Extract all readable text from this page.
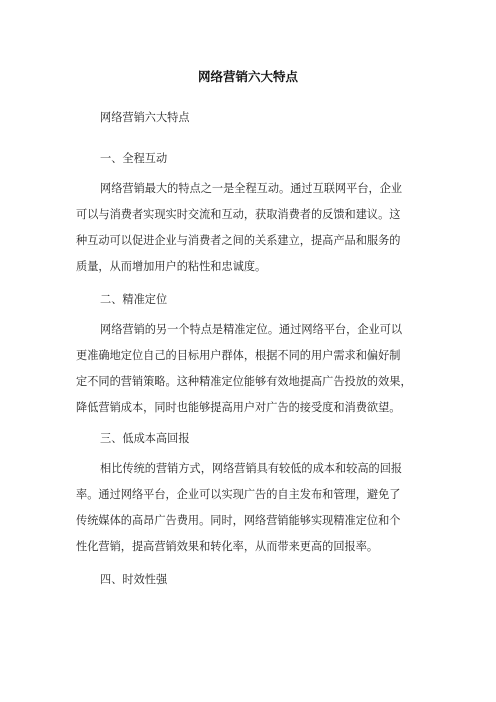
网络营销六大特点
网络营销六大特点
一、全程互动
网络营销最大的特点之一是全程互动。通过互联网平台，企业
可以与消费者实现实时交流和互动，获取消费者的反馈和建议。这
种互动可以促进企业与消费者之间的关系建立，提高产品和服务的
质量，从而增加用户的粘性和忠诚度。
二、精准定位
网络营销的另一个特点是精准定位。通过网络平台，企业可以
更准确地定位自己的目标用户群体，根据不同的用户需求和偏好制
定不同的营销策略。这种精准定位能够有效地提高广告投放的效果，
降低营销成本，同时也能够提高用户对广告的接受度和消费欲望。
三、低成本高回报
相比传统的营销方式，网络营销具有较低的成本和较高的回报
率。通过网络平台，企业可以实现广告的自主发布和管理，避免了
传统媒体的高昂广告费用。同时，网络营销能够实现精准定位和个
性化营销，提高营销效果和转化率，从而带来更高的回报率。
四、时效性强
